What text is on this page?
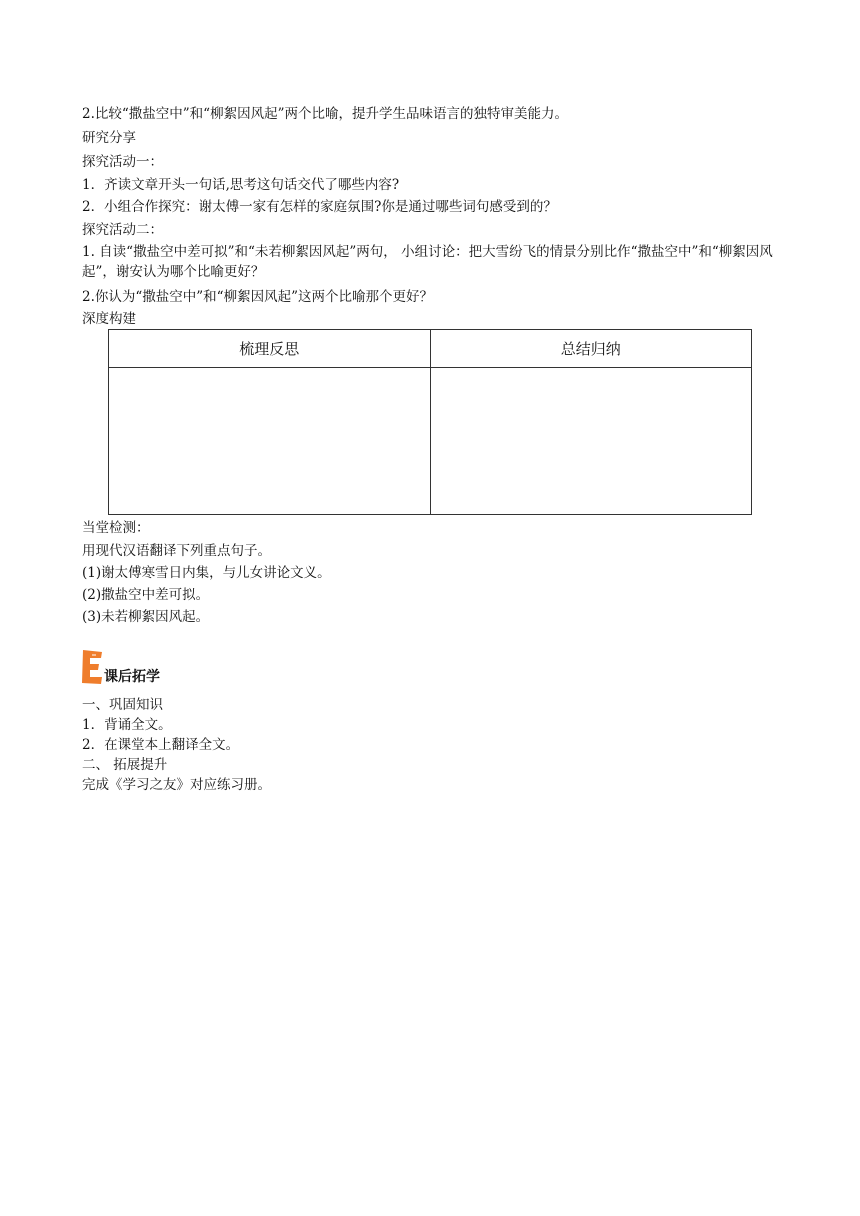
2.比较“撒盐空中”和“柳絮因风起”两个比喻，提升学生品味语言的独特审美能力。
研究分享
探究活动一：
1．齐读文章开头一句话,思考这句话交代了哪些内容?
2．小组合作探究：谢太傅一家有怎样的家庭氛围?你是通过哪些词句感受到的？
探究活动二：
1. 自读“撒盐空中差可拟”和“未若柳絮因风起”两句， 小组讨论：把大雪纷飞的情景分别比作“撒盐空中”和“柳絮因风起”，谢安认为哪个比喻更好？
2.你认为“撒盐空中”和“柳絮因风起”这两个比喻那个更好？
深度构建
梳理反思	总结归纳

当堂检测：
用现代汉语翻译下列重点句子。
(1)谢太傅寒雪日内集，与儿女讲论文义。
(2)撒盐空中差可拟。
(3)未若柳絮因风起。
课后拓学
一、巩固知识
1．背诵全文。
2．在课堂本上翻译全文。
二、 拓展提升
完成《学习之友》对应练习册。
